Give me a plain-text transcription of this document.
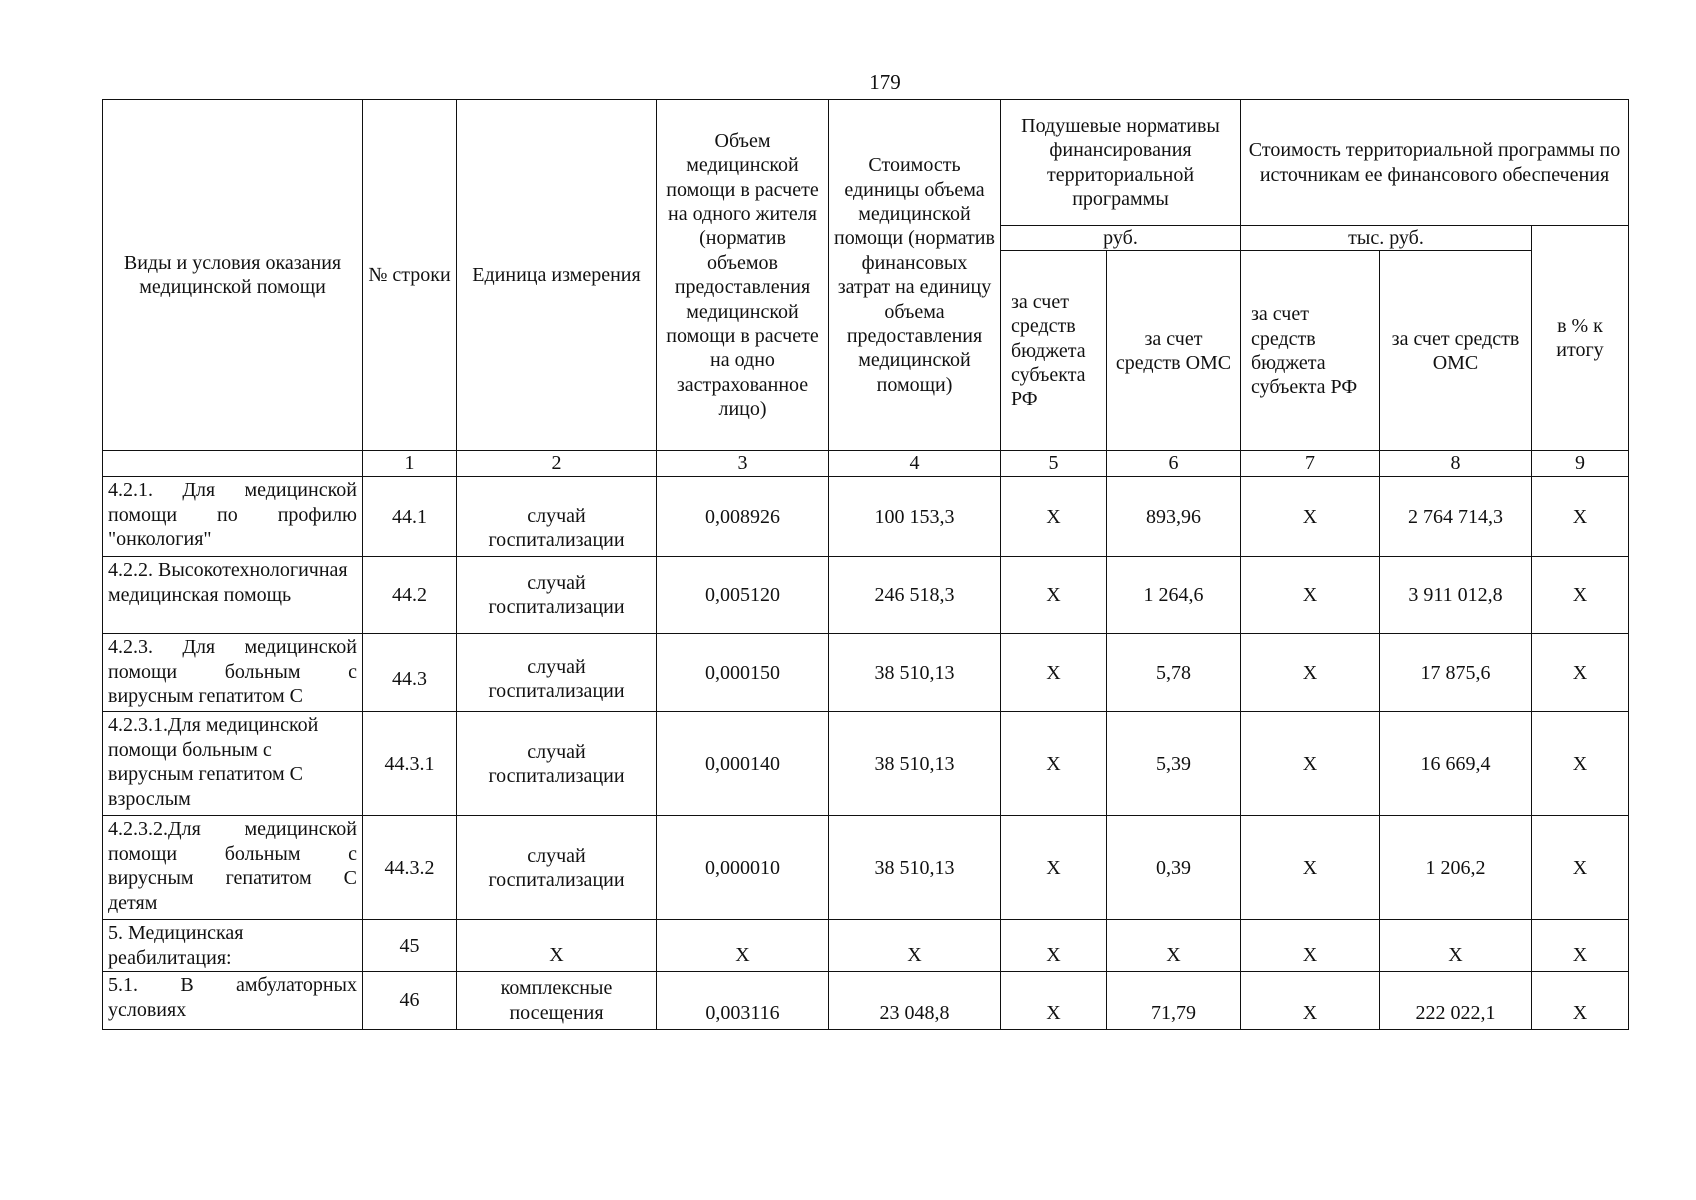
179
Виды и условия оказания медицинской помощи	№ строки	Единица измерения	Объем медицинской помощи в расчете на одного жителя (норматив объемов предоставления медицинской помощи в расчете на одно застрахованное лицо)	Стоимость единицы объема медицинской помощи (норматив финансовых затрат на единицу объема предоставления медицинской помощи)	Подушевые нормативы финансирования территориальной программы		Стоимость территориальной программы по источникам ее финансового обеспечения		
					руб.		тыс. руб.		в % к итогу
					за счет средств бюджета субъекта РФ	за счет средств ОМС	за счет средств бюджета субъекта РФ	за счет средств ОМС	
	1	2	3	4	5	6	7	8	9
4.2.1. Для медицинской помощи по профилю "онкология"	44.1	случай госпитализации	0,008926	100 153,3	Х	893,96	Х	2 764 714,3	Х
4.2.2. Высокотехнологичная медицинская помощь	44.2	случай госпитализации	0,005120	246 518,3	Х	1 264,6	Х	3 911 012,8	Х
4.2.3. Для медицинской помощи больным с вирусным гепатитом С	44.3	случай госпитализации	0,000150	38 510,13	Х	5,78	Х	17 875,6	Х
4.2.3.1.Для медицинской помощи больным с вирусным гепатитом С взрослым	44.3.1	случай госпитализации	0,000140	38 510,13	Х	5,39	Х	16 669,4	Х
4.2.3.2.Для медицинской помощи больным с вирусным гепатитом С детям	44.3.2	случай госпитализации	0,000010	38 510,13	Х	0,39	Х	1 206,2	Х
5. Медицинская реабилитация:	45	Х	Х	Х	Х	Х	Х	Х	Х
5.1. В амбулаторных условиях	46	комплексные посещения	0,003116	23 048,8	Х	71,79	Х	222 022,1	Х
